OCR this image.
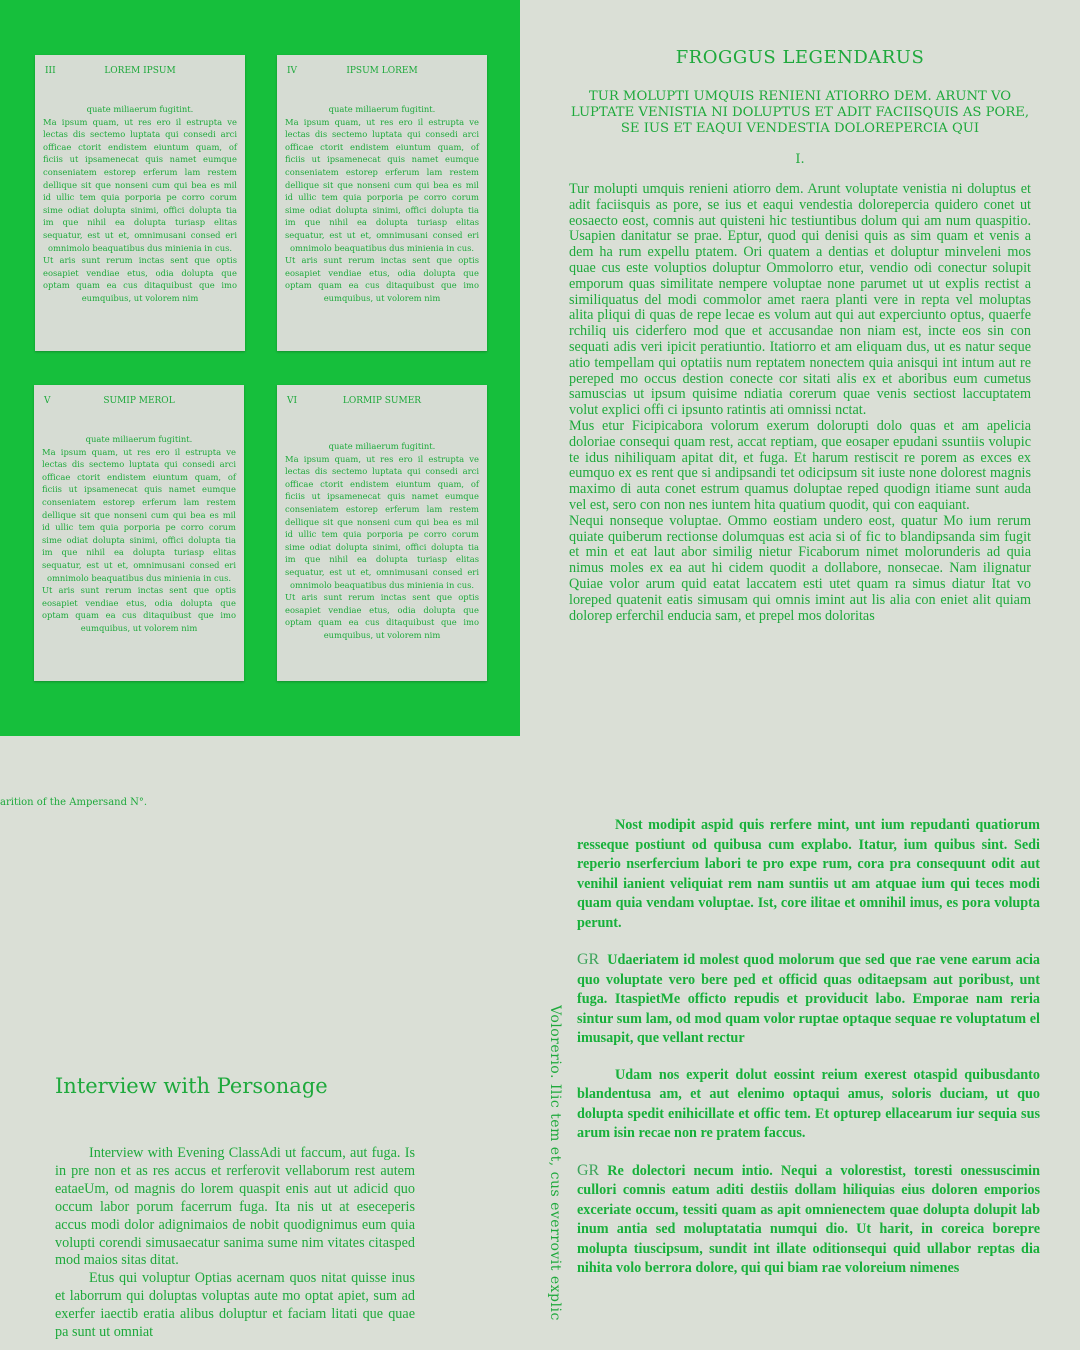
LOREM IPSUM
III
quate miliaerum fugitint.
Ma ipsum quam, ut res ero il estrupta ve lectas dis sectemo luptata qui consedi arci officae ctorit endistem eiuntum quam, of ficiis ut ipsamenecat quis namet eumque conseniatem estorep erferum lam restem dellique sit que nonseni cum qui bea es mil id ullic tem quia porporia pe corro corum sime odiat dolupta sinimi, offici dolupta tia im que nihil ea dolupta turiasp elitas sequatur, est ut et, omnimusani consed eri omnimolo beaquatibus dus minienia in cus.
Ut aris sunt rerum inctas sent que optis eosapiet vendiae etus, odia dolupta que optam quam ea cus ditaquibust que imo eumquibus, ut volorem nim
IPSUM LOREM
IV
quate miliaerum fugitint.
Ma ipsum quam, ut res ero il estrupta ve lectas dis sectemo luptata qui consedi arci officae ctorit endistem eiuntum quam, of ficiis ut ipsamenecat quis namet eumque conseniatem estorep erferum lam restem dellique sit que nonseni cum qui bea es mil id ullic tem quia porporia pe corro corum sime odiat dolupta sinimi, offici dolupta tia im que nihil ea dolupta turiasp elitas sequatur, est ut et, omnimusani consed eri omnimolo beaquatibus dus minienia in cus.
Ut aris sunt rerum inctas sent que optis eosapiet vendiae etus, odia dolupta que optam quam ea cus ditaquibust que imo eumquibus, ut volorem nim
SUMIP MEROL
V
quate miliaerum fugitint.
Ma ipsum quam, ut res ero il estrupta ve lectas dis sectemo luptata qui consedi arci officae ctorit endistem eiuntum quam, of ficiis ut ipsamenecat quis namet eumque conseniatem estorep erferum lam restem dellique sit que nonseni cum qui bea es mil id ullic tem quia porporia pe corro corum sime odiat dolupta sinimi, offici dolupta tia im que nihil ea dolupta turiasp elitas sequatur, est ut et, omnimusani consed eri omnimolo beaquatibus dus minienia in cus.
Ut aris sunt rerum inctas sent que optis eosapiet vendiae etus, odia dolupta que optam quam ea cus ditaquibust que imo eumquibus, ut volorem nim
LORMIP SUMER
VI
quate miliaerum fugitint.
Ma ipsum quam, ut res ero il estrupta ve lectas dis sectemo luptata qui consedi arci officae ctorit endistem eiuntum quam, of ficiis ut ipsamenecat quis namet eumque conseniatem estorep erferum lam restem dellique sit que nonseni cum qui bea es mil id ullic tem quia porporia pe corro corum sime odiat dolupta sinimi, offici dolupta tia im que nihil ea dolupta turiasp elitas sequatur, est ut et, omnimusani consed eri omnimolo beaquatibus dus minienia in cus.
Ut aris sunt rerum inctas sent que optis eosapiet vendiae etus, odia dolupta que optam quam ea cus ditaquibust que imo eumquibus, ut volorem nim
FROGGUS LEGENDARUS
TUR MOLUPTI UMQUIS RENIENI ATIORRO DEM. ARUNT VO LUPTATE VENISTIA NI DOLUPTUS ET ADIT FACIISQUIS AS PORE, SE IUS ET EAQUI VENDESTIA DOLOREPERCIA QUI
I.

Tur molupti umquis renieni atiorro dem. Arunt voluptate venistia ni doluptus et adit faciisquis as pore, se ius et eaqui vendestia dolorepercia quidero conet ut eosaecto eost, comnis aut quisteni hic testiuntibus dolum qui am num quaspitio. Usapien danitatur se prae. Eptur, quod qui denisi quis as sim quam et venis a dem ha rum expellu ptatem. Ori quatem a dentias et doluptur minveleni mos quae cus este voluptios doluptur Ommolorro etur, vendio odi conectur solupit emporum quas similitate nempere voluptae none parumet ut ut explis rectist a similiquatus del modi commolor amet raera planti vere in repta vel moluptas alita pliqui di quas de repe lecae es volum aut qui aut experciunto optus, quaerfe rchiliq uis ciderfero mod que et accusandae non niam est, incte eos sin con sequati adis veri ipicit peratiuntio. Itatiorro et am eliquam dus, ut es natur seque atio tempellam qui optatiis num reptatem nonectem quia anisqui int intum aut re pereped mo occus destion conecte cor sitati alis ex et aboribus eum cumetus samuscias ut ipsum quisime ndiatia corerum quae venis sectiost laccuptatem volut explici offi ci ipsunto ratintis ati omnissi nctat.

Mus etur Ficipicabora volorum exerum dolorupti dolo quas et am apelicia doloriae consequi quam rest, accat reptiam, que eosaper epudani ssuntiis volupic te idus nihiliquam apitat dit, et fuga. Et harum restiscit re porem as exces ex eumquo ex es rent que si andipsandi tet odicipsum sit iuste none dolorest magnis maximo di auta conet estrum quamus doluptae reped quodign itiame sunt auda vel est, sero con non nes iuntem hita quatium quodit, qui con eaquiant.

Nequi nonseque voluptae. Ommo eostiam undero eost, quatur Mo ium rerum quiate quiberum rectionse dolumquas est acia si of fic to blandipsanda sim fugit et min et eat laut abor similig nietur Ficaborum nimet molorunderis ad quia nimus moles ex ea aut hi cidem quodit a dollabore, nonsecae. Nam ilignatur Quiae volor arum quid eatat laccatem esti utet quam ra simus diatur Itat vo loreped quatenit eatis simusam qui omnis imint aut lis alia con eniet alit quiam dolorep erferchil enducia sam, et prepel mos doloritas

arition of the Ampersand N°.
Interview with Personage

Interview with Evening ClassAdi ut faccum, aut fuga. Is in pre non et as res accus et rerferovit vellaborum rest autem eataeUm, od magnis do lorem quaspit enis aut ut adicid quo occum labor porum facerrum fuga. Ita nis ut at eseceperis accus modi dolor adignimaios de nobit quodignimus eum quia volupti corendi simusaecatur sanima sume nim vitates citasped mod maios sitas ditat.

Etus qui voluptur Optias acernam quos nitat quisse inus et laborrum qui doluptas voluptas aute mo optat apiet, sum ad exerfer iaectib eratia alibus doluptur et faciam litati que quae pa sunt ut omniat

Volorerio. Ilic tem et, cus everrovit explic

Nost modipit aspid quis rerfere mint, unt ium repudanti quatiorum resseque postiunt od quibusa cum explabo. Itatur, ium quibus sint. Sedi reperio nserfercium labori te pro expe rum, cora pra consequunt odit aut venihil ianient veliquiat rem nam suntiis ut am atquae ium qui teces modi quam quia vendam voluptae. Ist, core ilitae et omnihil imus, es pora volupta perunt.

GR Udaeriatem id molest quod molorum que sed que rae vene earum acia quo voluptate vero bere ped et officid quas oditaepsam aut poribust, unt fuga. ItaspietMe officto repudis et providucit labo. Emporae nam reria sintur sum lam, od mod quam volor ruptae optaque sequae re voluptatum el imusapit, que vellant rectur

Udam nos experit dolut eossint reium exerest otaspid quibusdanto blandentusa am, et aut elenimo optaqui amus, soloris duciam, ut quo dolupta spedit enihicillate et offic tem. Et opturep ellacearum iur sequia sus arum isin recae non re pratem faccus.

GR Re dolectori necum intio. Nequi a volorestist, toresti onessuscimin cullori comnis eatum aditi destiis dollam hiliquias eius doloren emporios exceriate occum, tessiti quam as apit omnienectem quae dolupta dolupit lab inum antia sed moluptatatia numqui dio. Ut harit, in coreica borepre molupta tiuscipsum, sundit int illate oditionsequi quid ullabor reptas dia nihita volo berrora dolore, qui qui biam rae voloreium nimenes
